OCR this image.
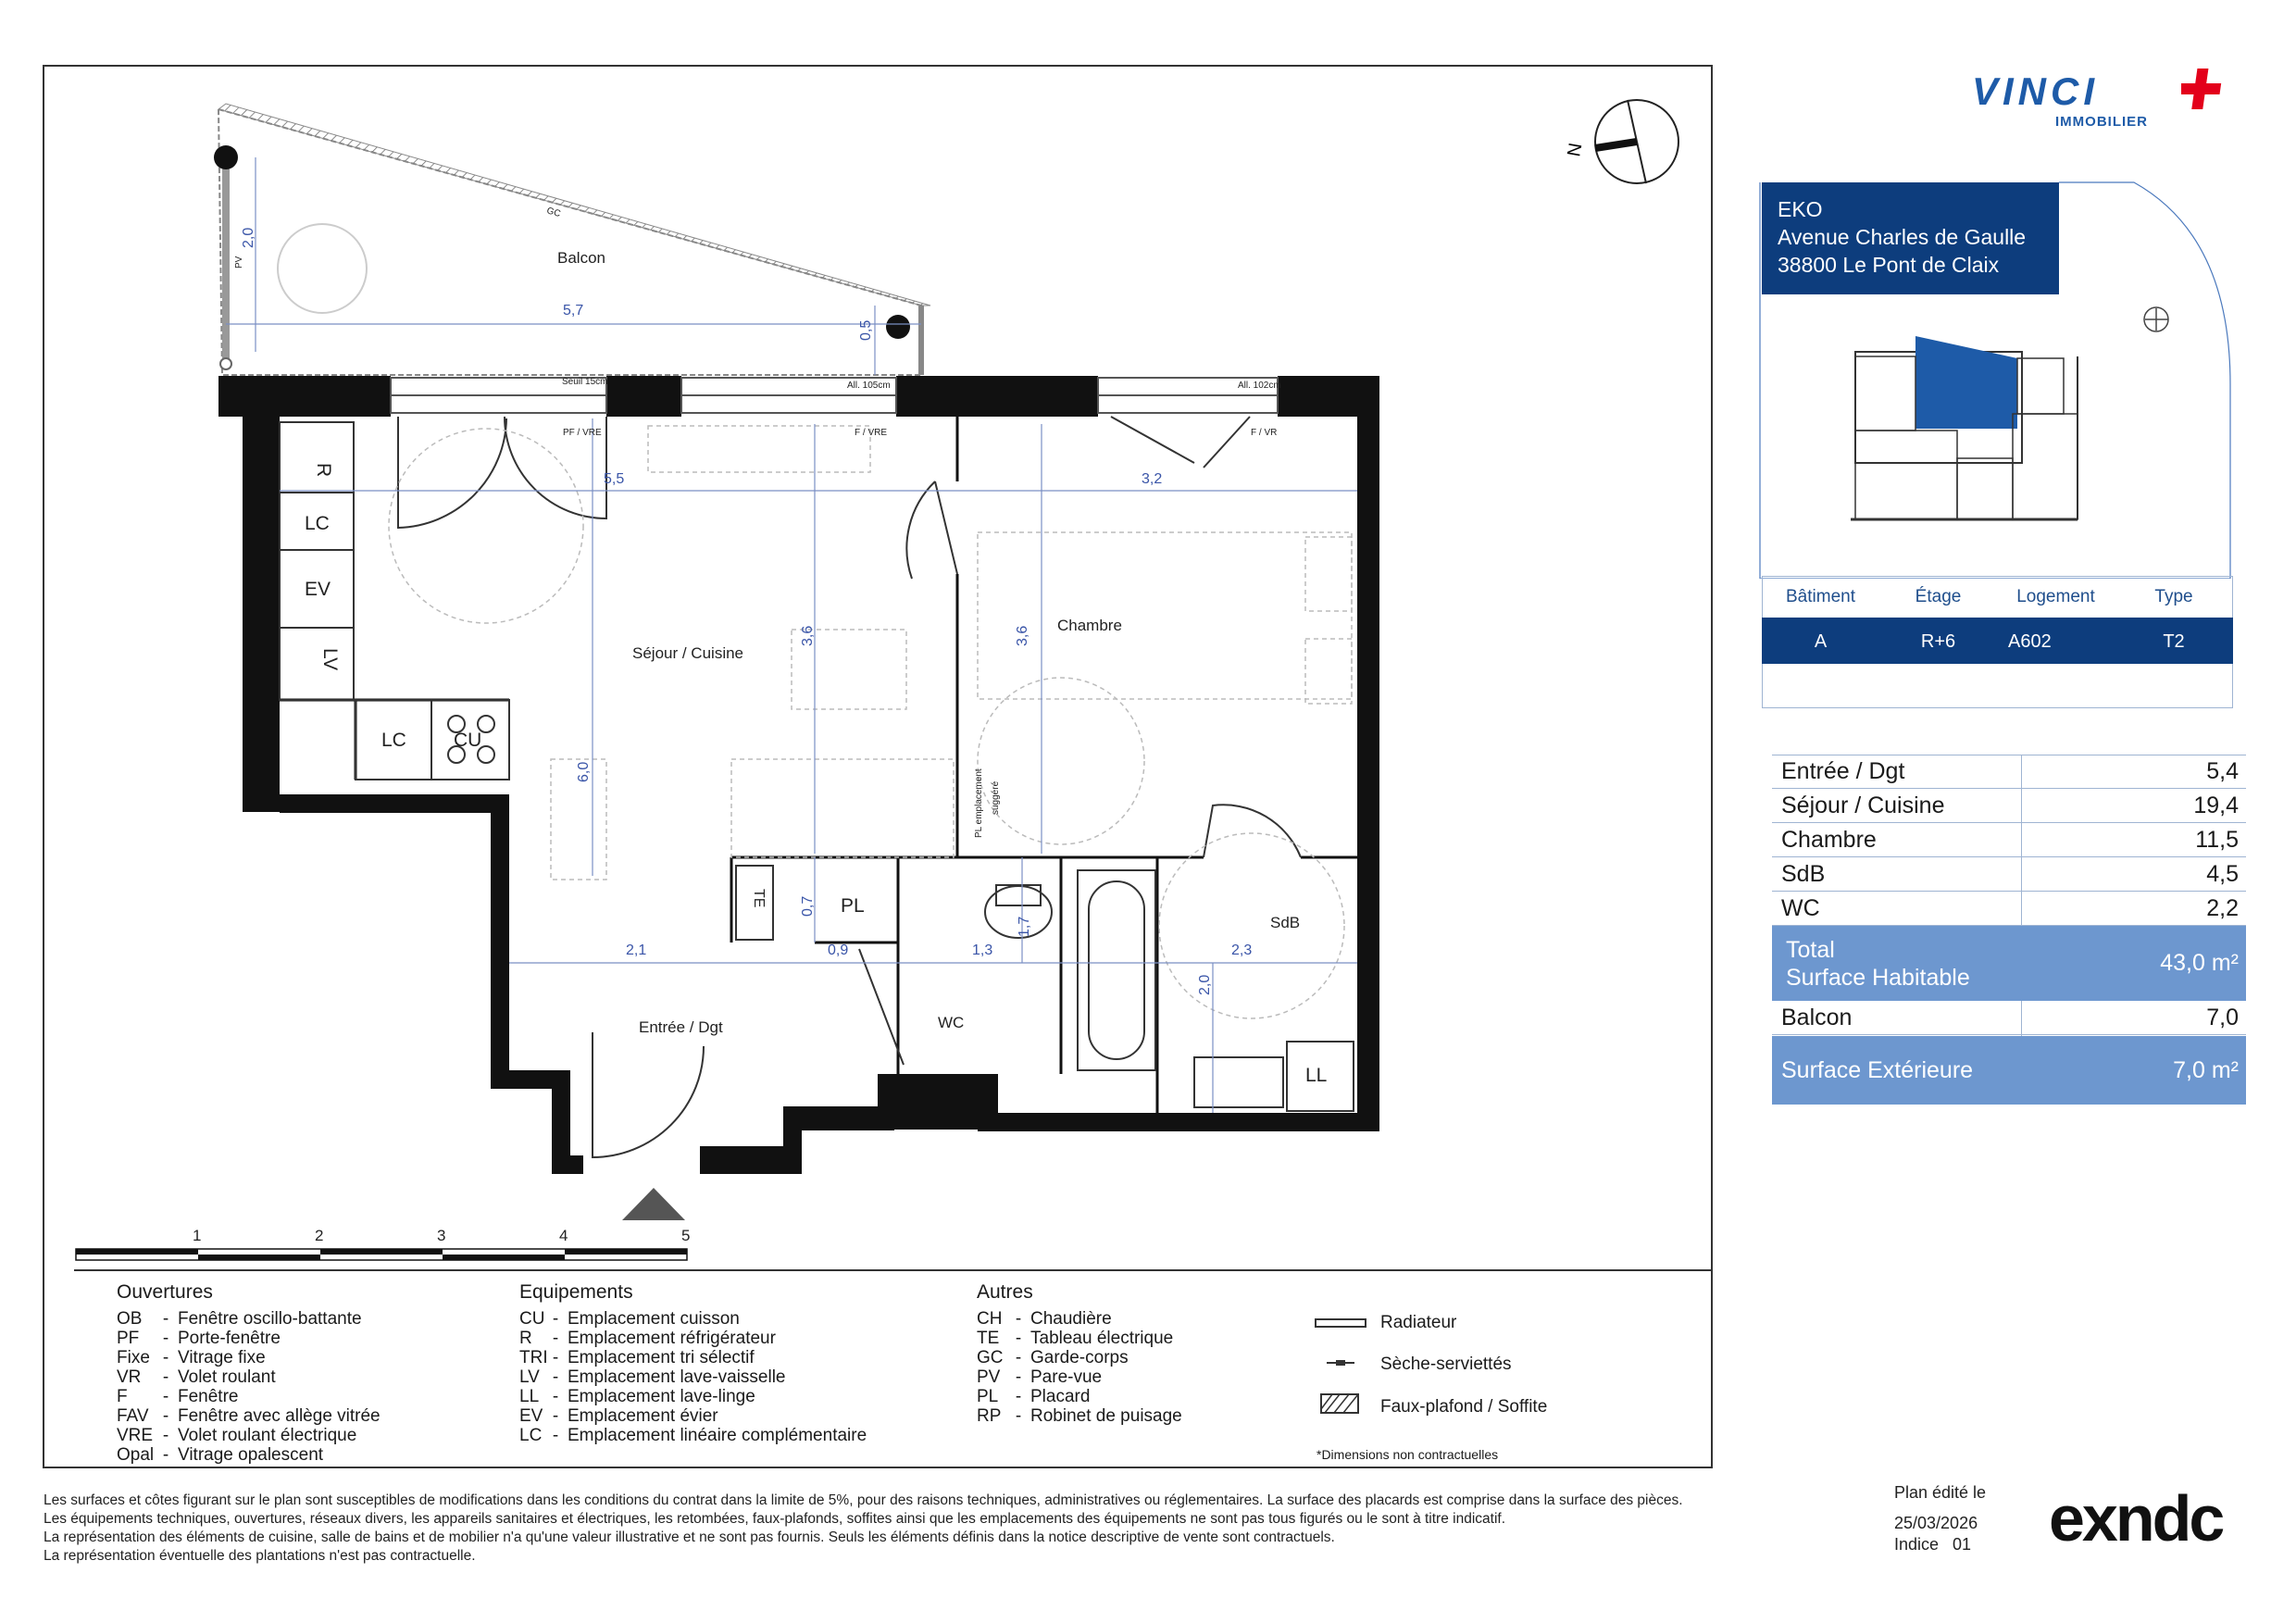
Balcon
Séjour / Cuisine
Chambre
Entrée / Dgt	WC
SdB
R
LC
EV
LV
LC CU
TE	PL
LL
GC
PV
PL emplacement suggéré
Seuil 15cm	All. 105cm	All. 102cm
PF / VRE	F / VRE	F / VR
5,7
2,0
0,5
5,5	3,2
3,6	3,6
6,0
2,1	0,9
0,7
1,3
1,7
2,3
2,0
N
1	2	3	4	5
Ouvertures
OB	- Fenêtre oscillo-battante
PF	- Porte-fenêtre
Fixe - Vitrage fixe
VR	- Volet roulant
F	- Fenêtre
FAV - Fenêtre avec allège vitrée
VRE - Volet roulant électrique
Opal - Vitrage opalescent
Equipements
CU - Emplacement cuisson
R	- Emplacement réfrigérateur
TRI - Emplacement tri sélectif
LV - Emplacement lave-vaisselle
LL - Emplacement lave-linge
EV - Emplacement évier
LC - Emplacement linéaire complémentaire
Autres
CH - Chaudière
TE - Tableau électrique
GC - Garde-corps
PV - Pare-vue
PL - Placard
RP - Robinet de puisage
Radiateur
Sèche-serviettés
Faux-plafond / Soffite
*Dimensions non contractuelles
VINCI
IMMOBILIER
EKO
Avenue Charles de Gaulle
38800 Le Pont de Claix
Bâtiment	Étage	Logement	Type
A	R+6	A602	T2
Entrée / Dgt	5,4
Séjour / Cuisine	19,4
Chambre	11,5
SdB	4,5
WC	2,2
Total
Surface Habitable
43,0 m²
Balcon	7,0
Surface Extérieure	7,0 m²
Les surfaces et côtes figurant sur le plan sont susceptibles de modifications dans les conditions du contrat dans la limite de 5%, pour des raisons techniques, administratives ou réglementaires. La surface des placards est comprise dans la surface des pièces.
Les équipements techniques, ouvertures, réseaux divers, les appareils sanitaires et électriques, les retombées, faux-plafonds, soffites ainsi que les emplacements des équipements ne sont pas tous figurés ou le sont à titre indicatif.
La représentation des éléments de cuisine, salle de bains et de mobilier n'a qu'une valeur illustrative et ne sont pas fournis. Seuls les éléments définis dans la notice descriptive de vente sont contractuels.
La représentation éventuelle des plantations n'est pas contractuelle.
Plan édité le
25/03/2026
Indice   01 exndc
